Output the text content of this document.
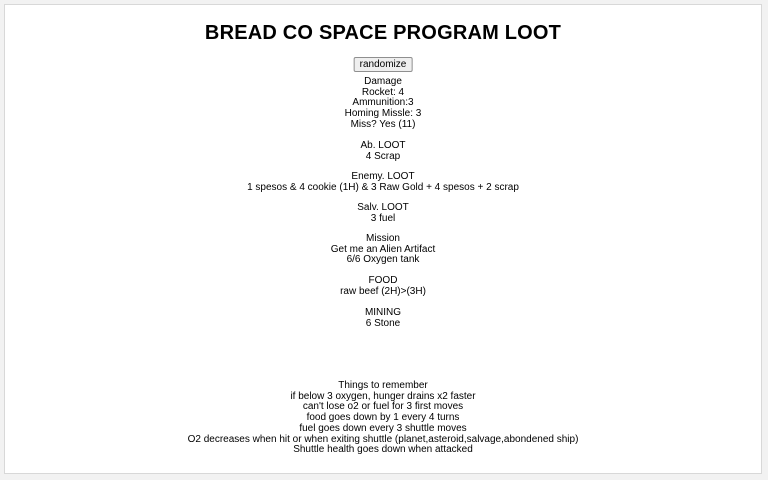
BREAD CO SPACE PROGRAM LOOT
randomize
Damage
Rocket: 4
Ammunition:3
Homing Missle: 3
Miss? Yes (11)
Ab. LOOT
4 Scrap
Enemy. LOOT
1 spesos & 4 cookie (1H) & 3 Raw Gold + 4 spesos + 2 scrap
Salv. LOOT
3 fuel
Mission
Get me an Alien Artifact
6/6 Oxygen tank
FOOD
raw beef (2H)>(3H)
MINING
6 Stone
Things to remember
if below 3 oxygen, hunger drains x2 faster
can't lose o2 or fuel for 3 first moves
food goes down by 1 every 4 turns
fuel goes down every 3 shuttle moves
O2 decreases when hit or when exiting shuttle (planet,asteroid,salvage,abondened ship)
Shuttle health goes down when attacked
